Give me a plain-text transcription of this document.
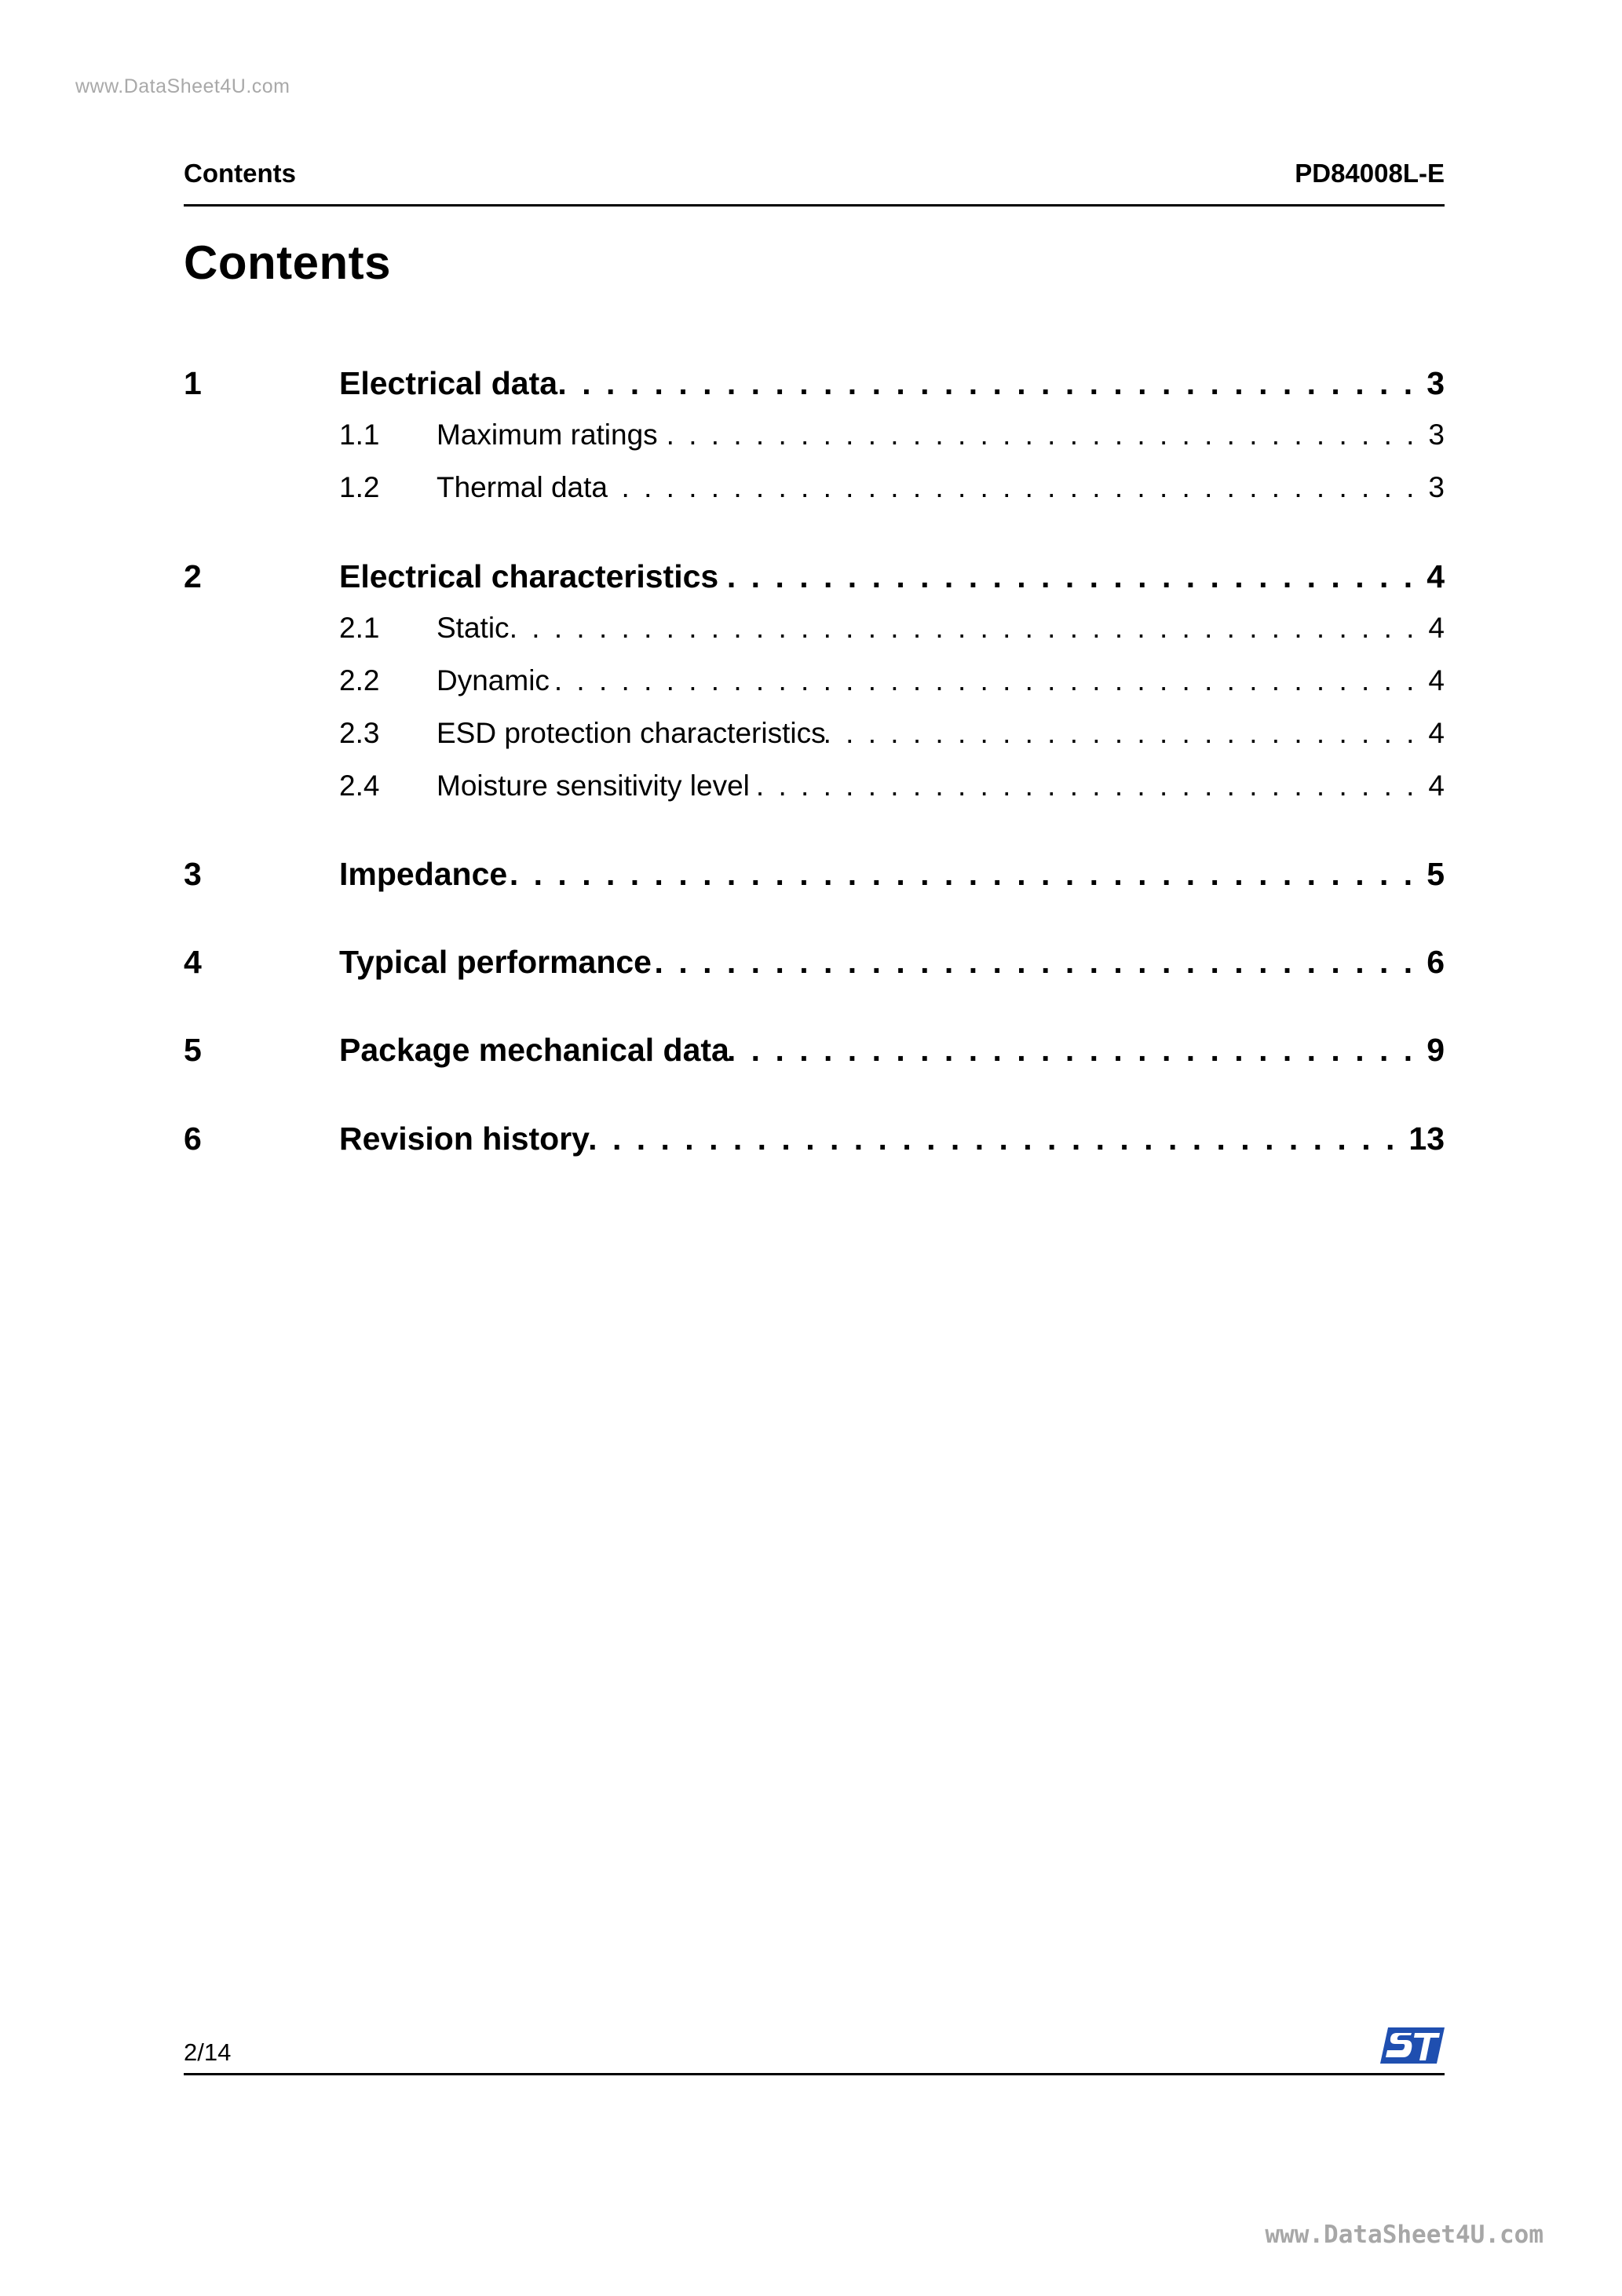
www.DataSheet4U.com
Contents	PD84008L-E
Contents
1	Electrical data . . .	3
1.1	Maximum ratings . . .	3
1.2	Thermal data . . .	3
2	Electrical characteristics . . .	4
2.1	Static . . .	4
2.2	Dynamic . . .	4
2.3	ESD protection characteristics . . .	4
2.4	Moisture sensitivity level . . .	4
3	Impedance . . .	5
4	Typical performance . . .	6
5	Package mechanical data . . .	9
6	Revision history . . .	13
2/14
www.DataSheet4U.com
